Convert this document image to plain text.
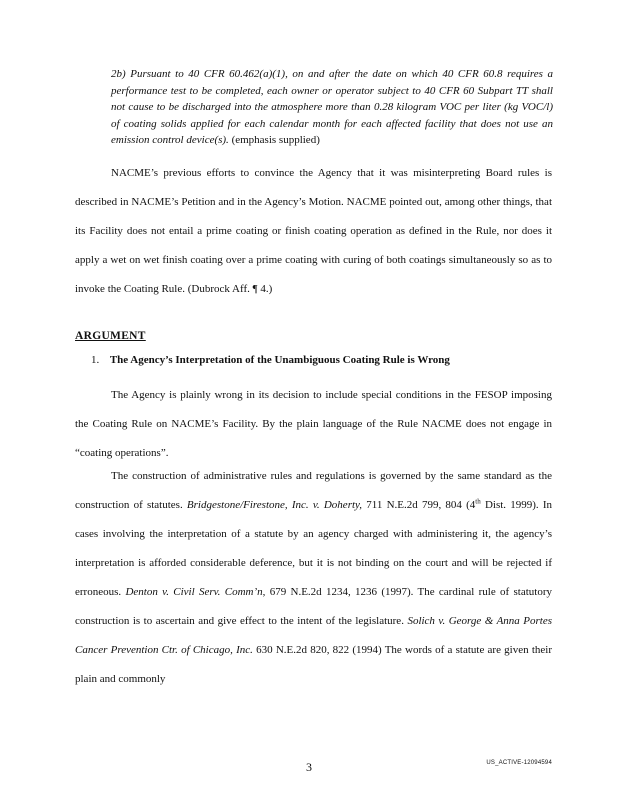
2b) Pursuant to 40 CFR 60.462(a)(1), on and after the date on which 40 CFR 60.8 requires a performance test to be completed, each owner or operator subject to 40 CFR 60 Subpart TT shall not cause to be discharged into the atmosphere more than 0.28 kilogram VOC per liter (kg VOC/l) of coating solids applied for each calendar month for each affected facility that does not use an emission control device(s). (emphasis supplied)
NACME’s previous efforts to convince the Agency that it was misinterpreting Board rules is described in NACME’s Petition and in the Agency’s Motion. NACME pointed out, among other things, that its Facility does not entail a prime coating or finish coating operation as defined in the Rule, nor does it apply a wet on wet finish coating over a prime coating with curing of both coatings simultaneously so as to invoke the Coating Rule. (Dubrock Aff. ¶ 4.)
ARGUMENT
1. The Agency’s Interpretation of the Unambiguous Coating Rule is Wrong
The Agency is plainly wrong in its decision to include special conditions in the FESOP imposing the Coating Rule on NACME’s Facility. By the plain language of the Rule NACME does not engage in “coating operations”.
The construction of administrative rules and regulations is governed by the same standard as the construction of statutes. Bridgestone/Firestone, Inc. v. Doherty, 711 N.E.2d 799, 804 (4th Dist. 1999). In cases involving the interpretation of a statute by an agency charged with administering it, the agency’s interpretation is afforded considerable deference, but it is not binding on the court and will be rejected if erroneous. Denton v. Civil Serv. Comm’n, 679 N.E.2d 1234, 1236 (1997). The cardinal rule of statutory construction is to ascertain and give effect to the intent of the legislature. Solich v. George & Anna Portes Cancer Prevention Ctr. of Chicago, Inc. 630 N.E.2d 820, 822 (1994) The words of a statute are given their plain and commonly
3	US_ACTIVE-12094594
